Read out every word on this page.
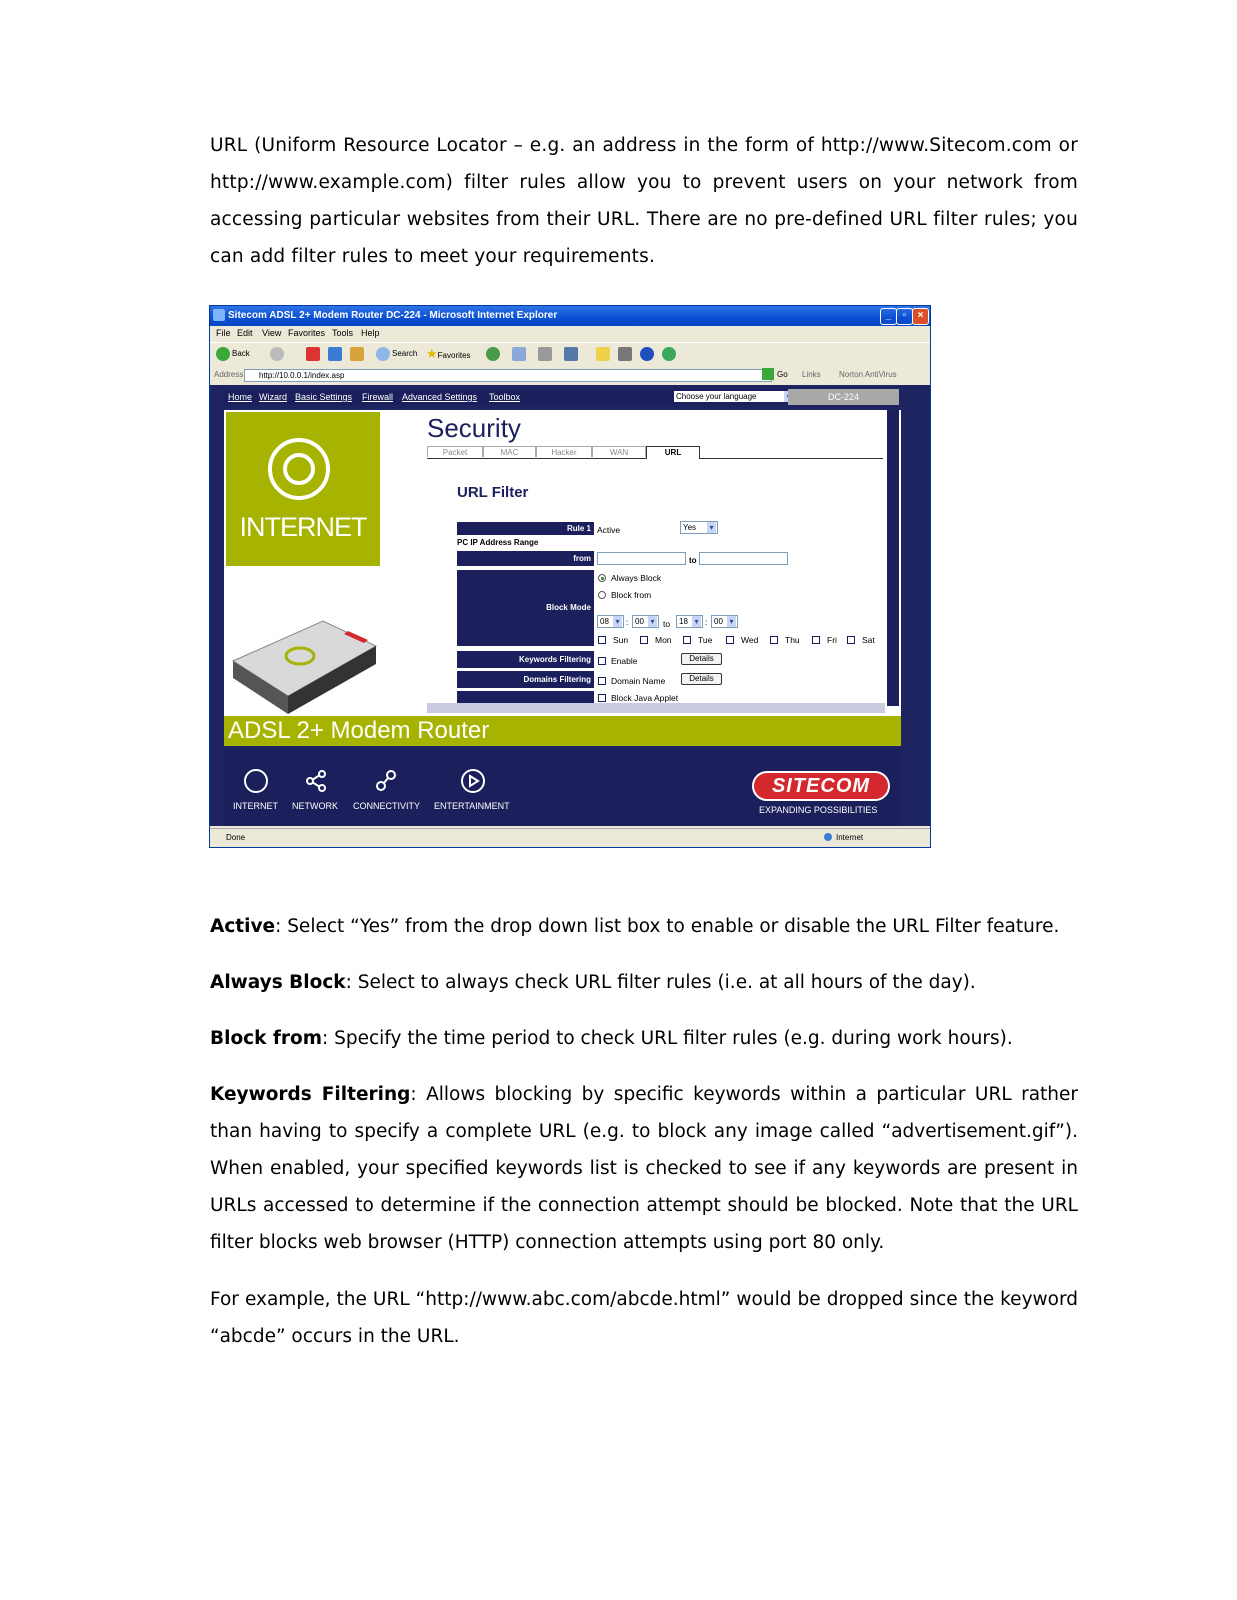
URL (Uniform Resource Locator – e.g. an address in the form of http://www.Sitecom.com or http://www.example.com) filter rules allow you to prevent users on your network from accessing particular websites from their URL. There are no pre-defined URL filter rules; you can add filter rules to meet your requirements.
Sitecom ADSL 2+ Modem Router DC-224 - Microsoft Internet Explorer	_	▫	×
File Edit View Favorites Tools Help
Back	Search ★Favorites
Address	http://10.0.0.1/index.asp	Go Links Norton AntiVirus
Home Wizard Basic Settings Firewall Advanced Settings Toolbox	Choose your language ▾	DC-224
INTERNET
Security
Packet	MAC	Hacker	WAN	URL
URL Filter
Rule 1 Active	Yes ▾
PC IP Address Range
from	to
Block Mode
Always Block
Block from
08 ▾	: 00 ▾	to	18 ▾	: 00 ▾
Sun	Mon	Tue	Wed	Thu	Fri	Sat
Keywords Filtering	Enable	Details
Domains Filtering	Domain Name	Details
Block Java Applet
ADSL 2+ Modem Router
INTERNET NETWORK CONNECTIVITY ENTERTAINMENT
SITECOM
EXPANDING POSSIBILITIES
Done	Internet
Active: Select “Yes” from the drop down list box to enable or disable the URL Filter feature.
Always Block: Select to always check URL filter rules (i.e. at all hours of the day).
Block from: Specify the time period to check URL filter rules (e.g. during work hours).
Keywords Filtering: Allows blocking by specific keywords within a particular URL rather than having to specify a complete URL (e.g. to block any image called “advertisement.gif”). When enabled, your specified keywords list is checked to see if any keywords are present in URLs accessed to determine if the connection attempt should be blocked. Note that the URL filter blocks web browser (HTTP) connection attempts using port 80 only.
For example, the URL “http://www.abc.com/abcde.html” would be dropped since the keyword “abcde” occurs in the URL.
